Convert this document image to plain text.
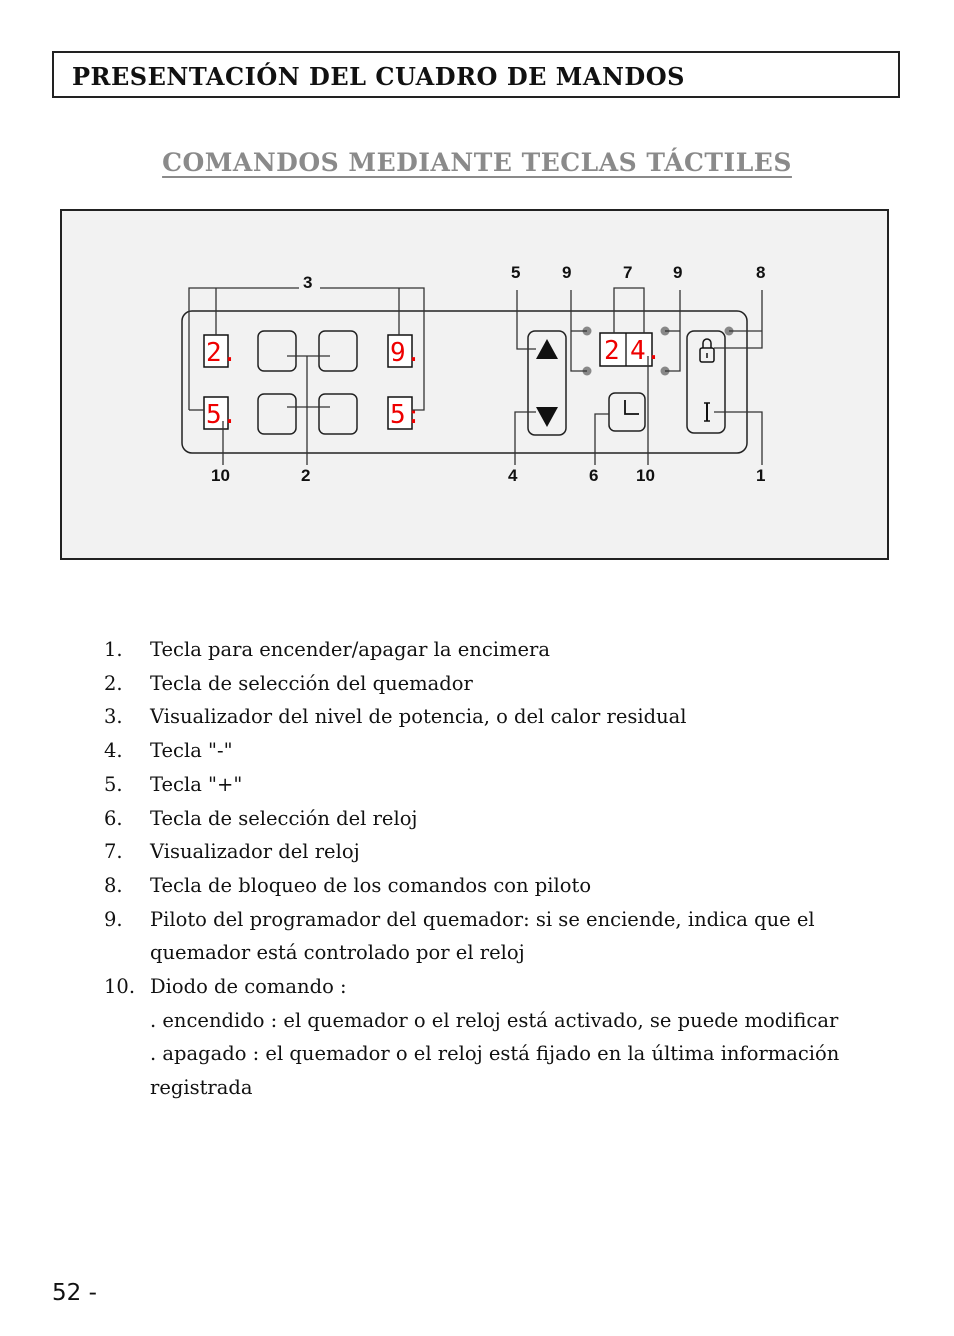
PRESENTACIÓN DEL CUADRO DE MANDOS
COMANDOS MEDIANTE TECLAS TÁCTILES
2.
5.
9.
5:
3
2
10
5
4
2 4.
9	9
7
6 10
8
1
1.	Tecla para encender/apagar la encimera
2.	Tecla de selección del quemador
3.	Visualizador del nivel de potencia, o del calor residual
4.	Tecla "-"
5.	Tecla "+"
6.	Tecla de selección del reloj
7.	Visualizador del reloj
8.	Tecla de bloqueo de los comandos con piloto
9.	Piloto del programador del quemador: si se enciende, indica que el
quemador está controlado por el reloj
10. Diodo de comando :
. encendido : el quemador o el reloj está activado, se puede modificar
. apagado : el quemador o el reloj está fijado en la última información
registrada
52 -
